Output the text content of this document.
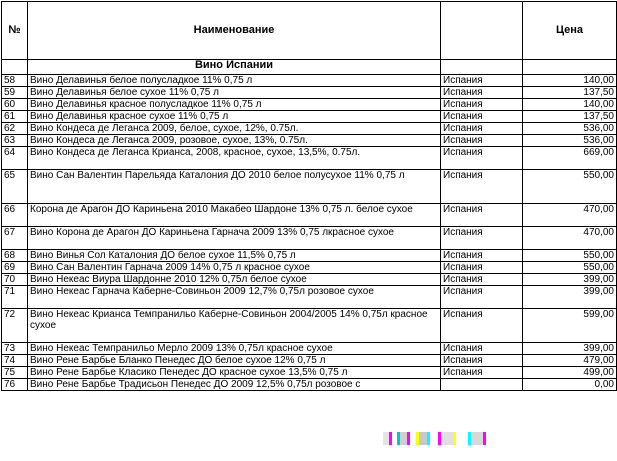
№	Наименование		Цена
	Вино Испании		
58	Вино Делавинья белое полусладкое 11% 0,75 л	Испания	140,00
59	Вино Делавинья белое сухое 11% 0,75 л	Испания	137,50
60	Вино Делавинья красное полусладкое 11% 0,75 л	Испания	140,00
61	Вино Делавинья красное сухое 11% 0,75 л	Испания	137,50
62	Вино Кондеса де Леганса 2009, белое, сухое, 12%, 0.75л.	Испания	536,00
63	Вино Кондеса де Леганса 2009, розовое, сухое, 13%, 0.75л.	Испания	536,00
64	Вино Кондеса де Леганса Крианса, 2008, красное, сухое, 13,5%, 0.75л.	Испания	669,00
65	Вино Сан Валентин Парельяда Каталония ДО 2010 белое полусухое 11% 0,75 л	Испания	550,00
66	Корона де Арагон ДО Кариньена 2010 Макабео Шардоне 13% 0,75 л. белое сухое	Испания	470,00
67	Вино Корона де Арагон ДО Кариньена Гарнача 2009 13% 0,75 лкрасное сухое	Испания	470,00
68	Вино Винья Сол Каталония ДО белое сухое 11,5% 0,75 л	Испания	550,00
69	Вино Сан Валентин Гарнача 2009 14% 0,75 л красное сухое	Испания	550,00
70	Вино Некеас Виура Шардонне 2010 12% 0,75л белое сухое	Испания	399,00
71	Вино Некеас Гарнача Каберне-Совиньон 2009 12,7% 0,75л розовое сухое	Испания	399,00
72	Вино Некеас Крианса Темпранильо Каберне-Совиньон 2004/2005 14% 0,75л красное сухое	Испания	599,00
73	Вино Некеас Темпранильо Мерло 2009 13% 0,75л красное сухое	Испания	399,00
74	Вино Рене Барбье Бланко Пенедес ДО белое сухое 12% 0,75 л	Испания	479,00
75	Вино Рене Барбье Класико Пенедес ДО красное сухое 13,5% 0,75 л	Испания	499,00
76	Вино Рене Барбье Традисьон Пенедес ДО 2009 12,5% 0,75л розовое с		0,00
